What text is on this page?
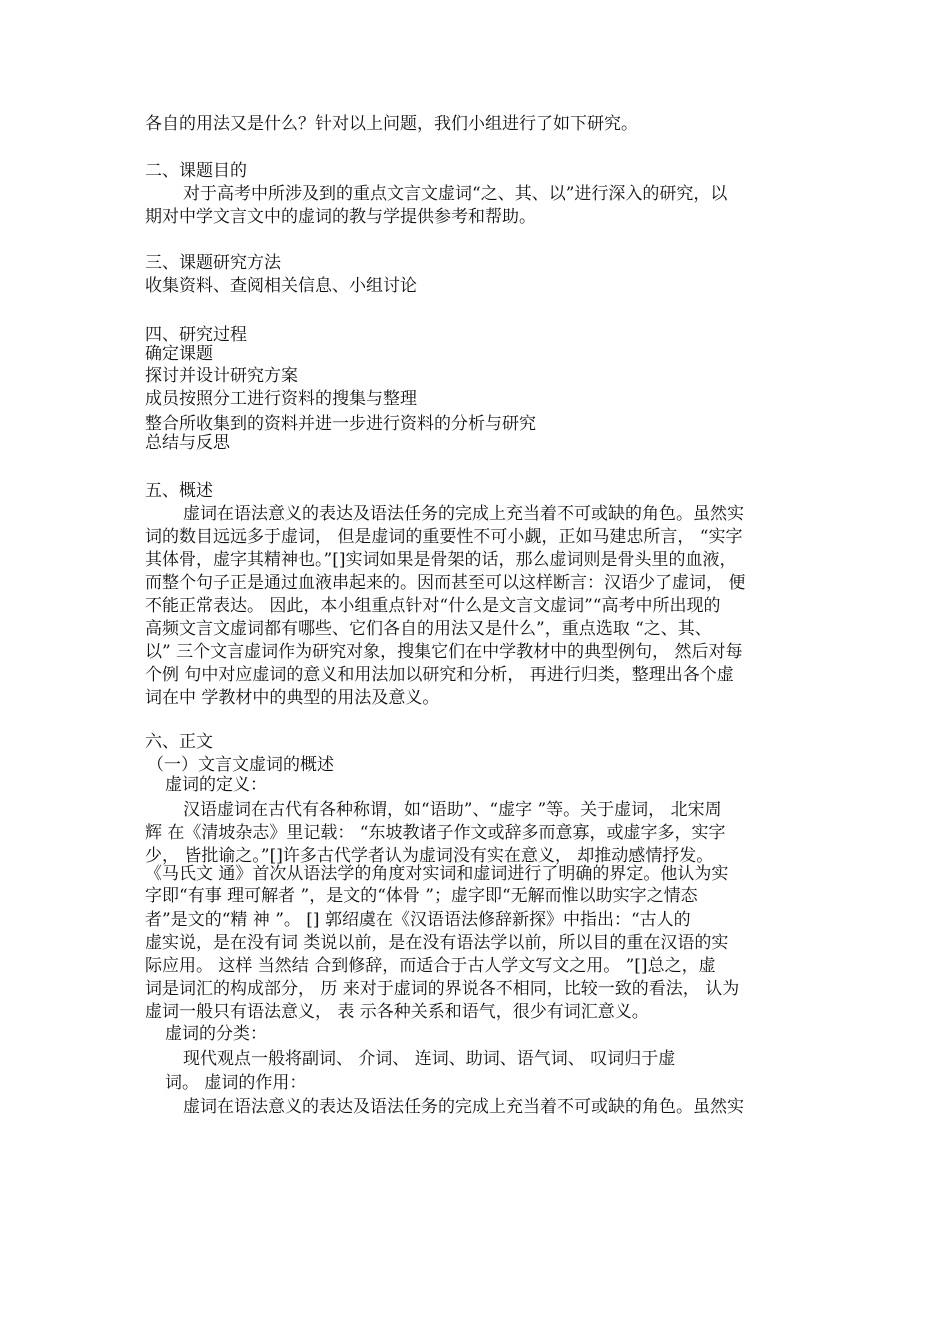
各自的用法又是什么？针对以上问题，我们小组进行了如下研究。
二、课题目的
对于高考中所涉及到的重点文言文虚词“之、其、以”进行深入的研究，以
期对中学文言文中的虚词的教与学提供参考和帮助。
三、课题研究方法
收集资料、查阅相关信息、小组讨论
四、研究过程
确定课题
探讨并设计研究方案
成员按照分工进行资料的搜集与整理
整合所收集到的资料并进一步进行资料的分析与研究
总结与反思
五、概述
虚词在语法意义的表达及语法任务的完成上充当着不可或缺的角色。虽然实
词的数目远远多于虚词， 但是虚词的重要性不可小觑，正如马建忠所言， “实字
其体骨，虚字其精神也。”[]实词如果是骨架的话，那么虚词则是骨头里的血液，
而整个句子正是通过血液串起来的。因而甚至可以这样断言：汉语少了虚词， 便
不能正常表达。 因此，本小组重点针对“什么是文言文虚词”“高考中所出现的
高频文言文虚词都有哪些、它们各自的用法又是什么”，重点选取 “之、其、
以” 三个文言虚词作为研究对象，搜集它们在中学教材中的典型例句， 然后对每
个例 句中对应虚词的意义和用法加以研究和分析， 再进行归类，整理出各个虚
词在中 学教材中的典型的用法及意义。
六、正文
（一）文言文虚词的概述
虚词的定义：
汉语虚词在古代有各种称谓，如“语助”、“虚字 ”等。关于虚词， 北宋周
辉 在《清坡杂志》里记载： “东坡教诸子作文或辞多而意寡，或虚字多，实字
少， 皆批谕之。”[]许多古代学者认为虚词没有实在意义， 却推动感情抒发。
《马氏文 通》首次从语法学的角度对实词和虚词进行了明确的界定。他认为实
字即“有事 理可解者 ”，是文的“体骨 ”；虚字即“无解而惟以助实字之情态
者”是文的“精 神 ”。 [] 郭绍虞在《汉语语法修辞新探》中指出：“古人的
虚实说，是在没有词 类说以前，是在没有语法学以前，所以目的重在汉语的实
际应用。 这样 当然结 合到修辞，而适合于古人学文写文之用。 ”[]总之，虚
词是词汇的构成部分， 历 来对于虚词的界说各不相同，比较一致的看法， 认为
虚词一般只有语法意义， 表 示各种关系和语气，很少有词汇意义。
虚词的分类：
现代观点一般将副词、 介词、 连词、助词、语气词、 叹词归于虚
词。 虚词的作用：
虚词在语法意义的表达及语法任务的完成上充当着不可或缺的角色。虽然实
